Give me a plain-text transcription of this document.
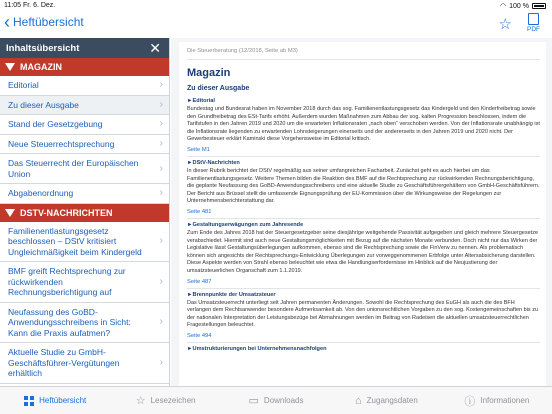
11:05 Fr. 6. Dez.	◠ 100 %
‹ Heftübersicht	☆ PDF
Inhaltsübersicht	✕
MAGAZIN
Editorial	›
Zu dieser Ausgabe	›
Stand der Gesetzgebung	›
Neue Steuerrechtsprechung	›
Das Steuerrecht der Europäischen Union
›
Abgabenordnung	›
DSTV-NACHRICHTEN
Familienentlastungsgesetz beschlossen – DStV kritisiert Ungleichmäßigkeit beim Kindergeld
›
BMF greift Rechtsprechung zur rückwirkenden Rechnungsberichtigung auf
›
Neufassung des GoBD-Anwendungsschreibens in Sicht: Kann die Praxis aufatmen?
›
Aktuelle Studie zu GmbH-Geschäftsführer-Vergütungen erhältlich
›
Die Steuerberatung (12/2018, Seite ab M3)
Magazin
Zu dieser Ausgabe
►Editorial
Bundestag und Bundesrat haben im November 2018 durch das sog. Familienentlastungsgesetz das Kindergeld und den Kinderfreibetrag sowie den Grundfreibetrag des ESt-Tarifs erhöht. Außerdem wurden Maßnahmen zum Abbau der sog. kalten Progression beschlossen, indem die Tarifstufen in den Jahren 2019 und 2020 um die erwarteten Inflationsraten „nach oben“ verschoben werden. Von der Inflationsrate unabhängig ist die Inflationsrate liegenden zu erwartenden Lohnsteigerungen einerseits und der andererseits in den Jahren 2019 und 2020 nicht. Der Gewerbesteuer erklärt Kaminski diese Vorgehensweise im Editorial kritisch.
Seite M1
►DStV-Nachrichten
In dieser Rubrik berichtet der DStV regelmäßig aus seiner umfangreichen Facharbeit. Zunächst geht es auch hierbei um das Familienentlastungsgesetz. Weitere Themen bilden die Reaktion des BMF auf die Rechtsprechung zur rückwirkenden Rechnungsberichtigung, die geplante Neufassung des GoBD-Anwendungsschreibens und eine aktuelle Studie zu Geschäftsführergehältern von GmbH-Geschäftsführern. Der Bericht aus Brüssel stellt die umfassende Eignungsprüfung der EU-Kommission über die Wirkungsweise der Regelungen zur Unternehmensberichterstattung dar.
Seite 481
►Gestaltungserwägungen zum Jahresende
Zum Ende des Jahres 2018 hat der Steuergesetzgeber seine diesjährige weitgehende Passivität aufgegeben und gleich mehrere Steuergesetze verabschiedet. Hiermit sind auch neue Gestaltungsmöglichkeiten mit Bezug auf die nächsten Monate verbunden. Doch nicht nur das Wirken der Legislative lässt Gestaltungsüberlegungen aufkommen, ebenso sind die Rechtsprechung sowie die FinVerw zu nennen. Als problematisch können sich angesichts der Rechtsprechungs-Entwicklung Überlegungen zur vorweggenommenen Erbfolge unter Altersabsicherung darstellen. Diese Aspekte werden von Strahl ebenso beleuchtet wie etwa die Handlungserfordernisse im Hinblick auf die Neujustierung der umsatzsteuerlichen Organschaft zum 1.1.2019.
Seite 487
►Brennpunkte der Umsatzsteuer
Das Umsatzsteuerrecht unterliegt seit Jahren permanenten Änderungen. Sowohl die Rechtsprechung des EuGH als auch die des BFH verlangen dem Rechtsanwender besondere Aufmerksamkeit ab. Von den unionsrechtlichen Vorgaben zu den sog. Kostengemeinschaften bis zu der nationalen Interpretation der Leistungsbezüge bei Abmahnungen werden im Beitrag von Radeisen die aktuellen umsatzsteuerrechtlichen Fragestellungen beleuchtet.
Seite 494
►Umstrukturierungen bei Unternehmensnachfolgen
Heftübersicht	☆ Lesezeichen	▭ Downloads	⌂ Zugangsdaten	ⓘ Informationen
